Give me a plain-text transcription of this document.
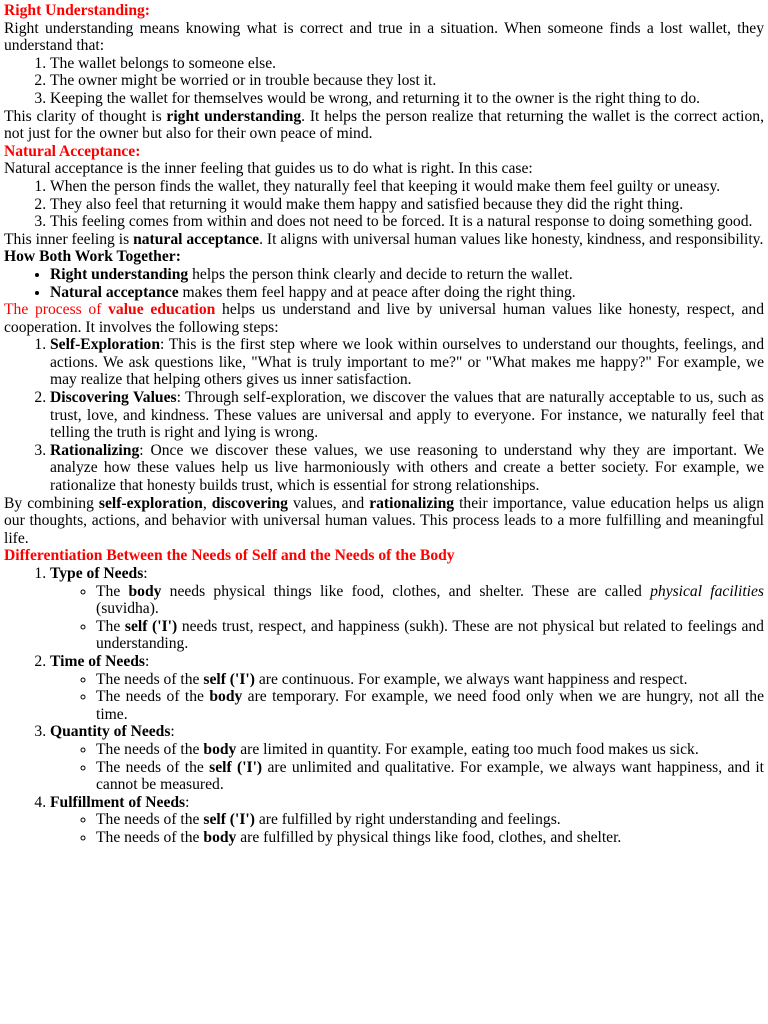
Right Understanding:

Right understanding means knowing what is correct and true in a situation. When someone finds a lost wallet, they understand that:

1. The wallet belongs to someone else.
2. The owner might be worried or in trouble because they lost it.
3. Keeping the wallet for themselves would be wrong, and returning it to the owner is the right thing to do.

This clarity of thought is right understanding. It helps the person realize that returning the wallet is the correct action, not just for the owner but also for their own peace of mind.

Natural Acceptance:

Natural acceptance is the inner feeling that guides us to do what is right. In this case:

1. When the person finds the wallet, they naturally feel that keeping it would make them feel guilty or uneasy.
2. They also feel that returning it would make them happy and satisfied because they did the right thing.
3. This feeling comes from within and does not need to be forced. It is a natural response to doing something good.

This inner feeling is natural acceptance. It aligns with universal human values like honesty, kindness, and responsibility.

How Both Work Together:
• Right understanding helps the person think clearly and decide to return the wallet.
• Natural acceptance makes them feel happy and at peace after doing the right thing.

The process of value education helps us understand and live by universal human values like honesty, respect, and cooperation. It involves the following steps:

1. Self-Exploration: This is the first step where we look within ourselves to understand our thoughts, feelings, and actions. We ask questions like, "What is truly important to me?" or "What makes me happy?" For example, we may realize that helping others gives us inner satisfaction.
2. Discovering Values: Through self-exploration, we discover the values that are naturally acceptable to us, such as trust, love, and kindness. These values are universal and apply to everyone. For instance, we naturally feel that telling the truth is right and lying is wrong.
3. Rationalizing: Once we discover these values, we use reasoning to understand why they are important. We analyze how these values help us live harmoniously with others and create a better society. For example, we rationalize that honesty builds trust, which is essential for strong relationships.

By combining self-exploration, discovering values, and rationalizing their importance, value education helps us align our thoughts, actions, and behavior with universal human values. This process leads to a more fulfilling and meaningful life.

Differentiation Between the Needs of Self and the Needs of the Body
1. Type of Needs:
◦ The body needs physical things like food, clothes, and shelter. These are called physical facilities (suvidha).
◦ The self ('I') needs trust, respect, and happiness (sukh). These are not physical but related to feelings and understanding.
2. Time of Needs:
◦ The needs of the self ('I') are continuous. For example, we always want happiness and respect.
◦ The needs of the body are temporary. For example, we need food only when we are hungry, not all the time.
3. Quantity of Needs:
◦ The needs of the body are limited in quantity. For example, eating too much food makes us sick.
◦ The needs of the self ('I') are unlimited and qualitative. For example, we always want happiness, and it cannot be measured.
4. Fulfillment of Needs:
◦ The needs of the self ('I') are fulfilled by right understanding and feelings.
◦ The needs of the body are fulfilled by physical things like food, clothes, and shelter.
